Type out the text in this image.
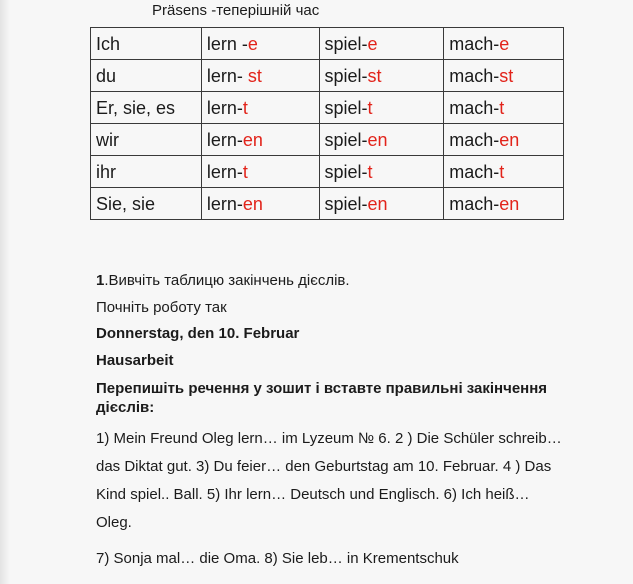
Präsens -теперішній час
Ich	lern -e	spiel-e	mach-e
du	lern- st	spiel-st	mach-st
Er, sie, es	lern-t	spiel-t	mach-t
wir	lern-en	spiel-en	mach-en
ihr	lern-t	spiel-t	mach-t
Sie, sie	lern-en	spiel-en	mach-en
1.Вивчіть таблицю закінчень дієслів.
Почніть роботу так
Donnerstag, den 10. Februar
Hausarbeit
Перепишіть речення у зошит і вставте правильні закінчення дієслів:
1) Mein Freund Oleg lern… im Lyzeum № 6. 2 ) Die Schüler schreib…
das Diktat gut. 3) Du feier… den Geburtstag am 10. Februar. 4 ) Das
Kind spiel.. Ball. 5) Ihr lern… Deutsch und Englisch. 6) Ich heiß…
Oleg.
7) Sonja mal… die Oma. 8) Sie leb… in Krementschuk
